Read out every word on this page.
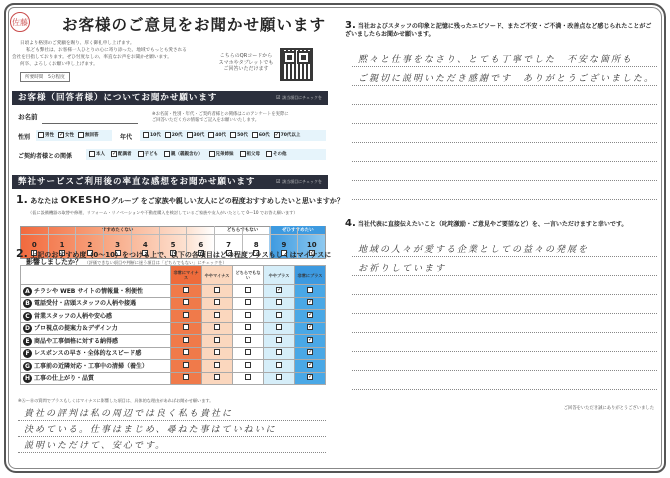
佐藤 お客様のご意見をお聞かせ願います
日頃より格別のご愛顧を賜り、厚く御礼申し上げます。
私ども弊社は、お客様一人ひとりの心に寄り添った、地域でもっとも愛される
会社を目指しております。ぜひ忖度なしの、率直なお声をお聞かせ願います。
何卒、よろしくお願い申し上げます。
所要時間　5分程度
こちらのQRコードから
スマホやタブレットでも
ご回答いただけます
お客様（回答者様）についてお聞かせ願います	☑ 該当項目にチェックを
お名前	※お名前・性別・年代・ご契約者様との関係はこのアンケートを実際に
ご回答いただく方の情報でご記入をお願いいたします。
性別	男性 ✓ 女性 無回答	年代	10代 20代 30代 40代 50代 60代 ✓ 70代以上
ご契約者様との関係	本人 ✓	配偶者	子ども	親（義親含む）	兄弟姉妹	祖父母	その他
弊社サービスご利用後の率直な感想をお聞かせ願います	☑ 該当項目にチェックを
1. あなたは OKESHOグループ をご家族や親しい友人にどの程度おすすめしたいと思いますか？
（仮に設備機器の取替や修理、リフォーム・リノベーションや不動産購入を検討しているご家族や友人がいたとして 0〜10 でお答え願います）
すすめたくない	どちらでもない	ぜひすすめたい
0	1	2	3	4	5	6	7	8	9	10
✓
2. 上記のおすすめ度（0〜10）をつける上で、以下の各項目はどの程度プラスもしくはマイナスに
影響しましたか？ （評価できない項目や判断に迷う項目は「どちらでもない」にチェックを）
	非常にマイナス	ややマイナス	どちらでもない	ややプラス	非常にプラス
A チラシや WEB サイトの情報量・利便性				✓	
B 電話受付・店頭スタッフの人柄や接遇					✓
C 営業スタッフの人柄や安心感					✓
D プロ視点の提案力＆デザイン力					✓
E 商品や工事価格に対する納得感					✓
F レスポンスの早さ・全体的なスピード感					✓
G 工事前の近隣対応・工事中の清掃（養生）					✓
H 工事の仕上がり・品質					✓
※Ⓐ〜Ⓗの質問でプラスもしくはマイナスに影響した項目は、具体的な理由があればお聞かせ願います。
貴社の評判は私の周辺では良く私も貴社に
決めている。仕事はまじめ、尋ねた事はていねいに
説明いただけて、安心です。
3. 当社およびスタッフの印象と記憶に残ったエピソード、またご不安・ご不満・改善点など感じられたことがございましたらお聞かせ願います。
黙々と仕事をなさり、とても丁寧でした　不安な箇所も
ご親切に説明いただき感謝です　ありがとうございました。
4. 当社代表に直接伝えたいこと（叱咤激励・ご意見やご要望など）を、一言いただけますと幸いです。
地域の人々が愛する企業としての益々の発展を
お祈りしています
ご回答をいただき誠にありがとうございました
